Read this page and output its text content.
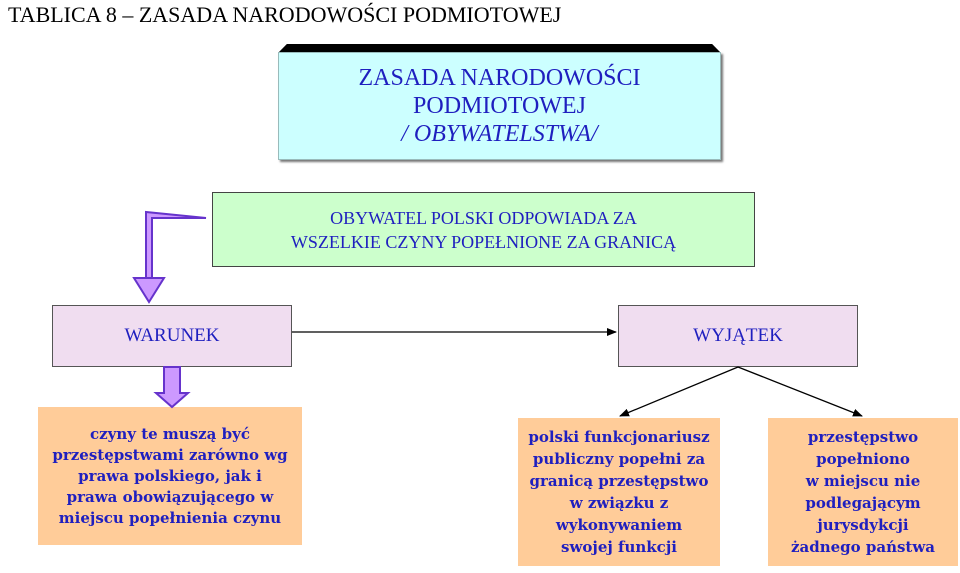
TABLICA 8 – ZASADA NARODOWOŚCI PODMIOTOWEJ
ZASADA NARODOWOŚCI
PODMIOTOWEJ
/ OBYWATELSTWA/
OBYWATEL POLSKI ODPOWIADA ZA
WSZELKIE CZYNY POPEŁNIONE ZA GRANICĄ
WARUNEK	WYJĄTEK
czyny te muszą być
przestępstwami zarówno wg
prawa polskiego, jak i
prawa obowiązującego w
miejscu popełnienia czynu
polski funkcjonariusz
publiczny popełni za
granicą przestępstwo
w związku z
wykonywaniem
swojej funkcji
przestępstwo
popełniono
w miejscu nie
podlegającym
jurysdykcji
żadnego państwa
